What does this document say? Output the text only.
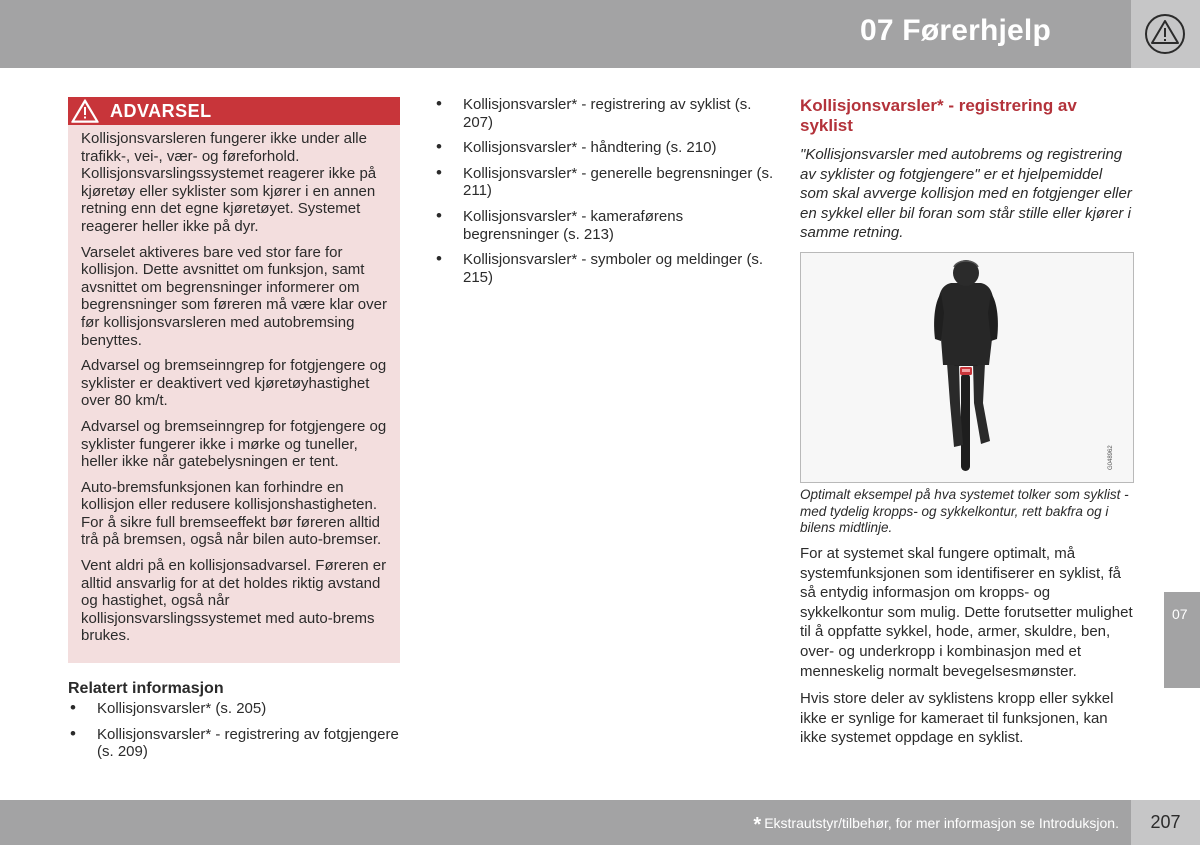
07 Førerhjelp
ADVARSEL

Kollisjonsvarsleren fungerer ikke under alle trafikk-, vei-, vær- og føreforhold. Kollisjonsvarslingssystemet reagerer ikke på kjøretøy eller syklister som kjører i en annen retning enn det egne kjøretøyet. Systemet reagerer heller ikke på dyr.

Varselet aktiveres bare ved stor fare for kollisjon. Dette avsnittet om funksjon, samt avsnittet om begrensninger informerer om begrensninger som føreren må være klar over før kollisjonsvarsleren med autobremsing benyttes.

Advarsel og bremseinngrep for fotgjengere og syklister er deaktivert ved kjøretøyhastighet over 80 km/t.

Advarsel og bremseinngrep for fotgjengere og syklister fungerer ikke i mørke og tuneller, heller ikke når gatebelysningen er tent.

Auto-bremsfunksjonen kan forhindre en kollisjon eller redusere kollisjonshastigheten. For å sikre full bremseeffekt bør føreren alltid trå på bremsen, også når bilen auto-bremser.

Vent aldri på en kollisjonsadvarsel. Føreren er alltid ansvarlig for at det holdes riktig avstand og hastighet, også når kollisjonsvarslingssystemet med auto-brems brukes.

Relatert informasjon
• Kollisjonsvarsler* (s. 205)
• Kollisjonsvarsler* - registrering av fotgjengere (s. 209)
• Kollisjonsvarsler* - registrering av syklist (s. 207)
• Kollisjonsvarsler* - håndtering (s. 210)
• Kollisjonsvarsler* - generelle begrensninger (s. 211)
• Kollisjonsvarsler* - kameraførens begrensninger (s. 213)
• Kollisjonsvarsler* - symboler og meldinger (s. 215)
Kollisjonsvarsler* - registrering av syklist
"Kollisjonsvarsler med autobrems og registrering av syklister og fotgjengere" er et hjelpemiddel som skal avverge kollisjon med en fotgjenger eller en sykkel eller bil foran som står stille eller kjører i samme retning.
G048962
Optimalt eksempel på hva systemet tolker som syklist - med tydelig kropps- og sykkelkontur, rett bakfra og i bilens midtlinje.

For at systemet skal fungere optimalt, må systemfunksjonen som identifiserer en syklist, få så entydig informasjon om kropps- og sykkelkontur som mulig. Dette forutsetter mulighet til å oppfatte sykkel, hode, armer, skuldre, ben, over- og underkropp i kombinasjon med et menneskelig normalt bevegelsesmønster.

Hvis store deler av syklistens kropp eller sykkel ikke er synlige for kameraet til funksjonen, kan ikke systemet oppdage en syklist.

07
* Ekstrautstyr/tilbehør, for mer informasjon se Introduksjon.	207
